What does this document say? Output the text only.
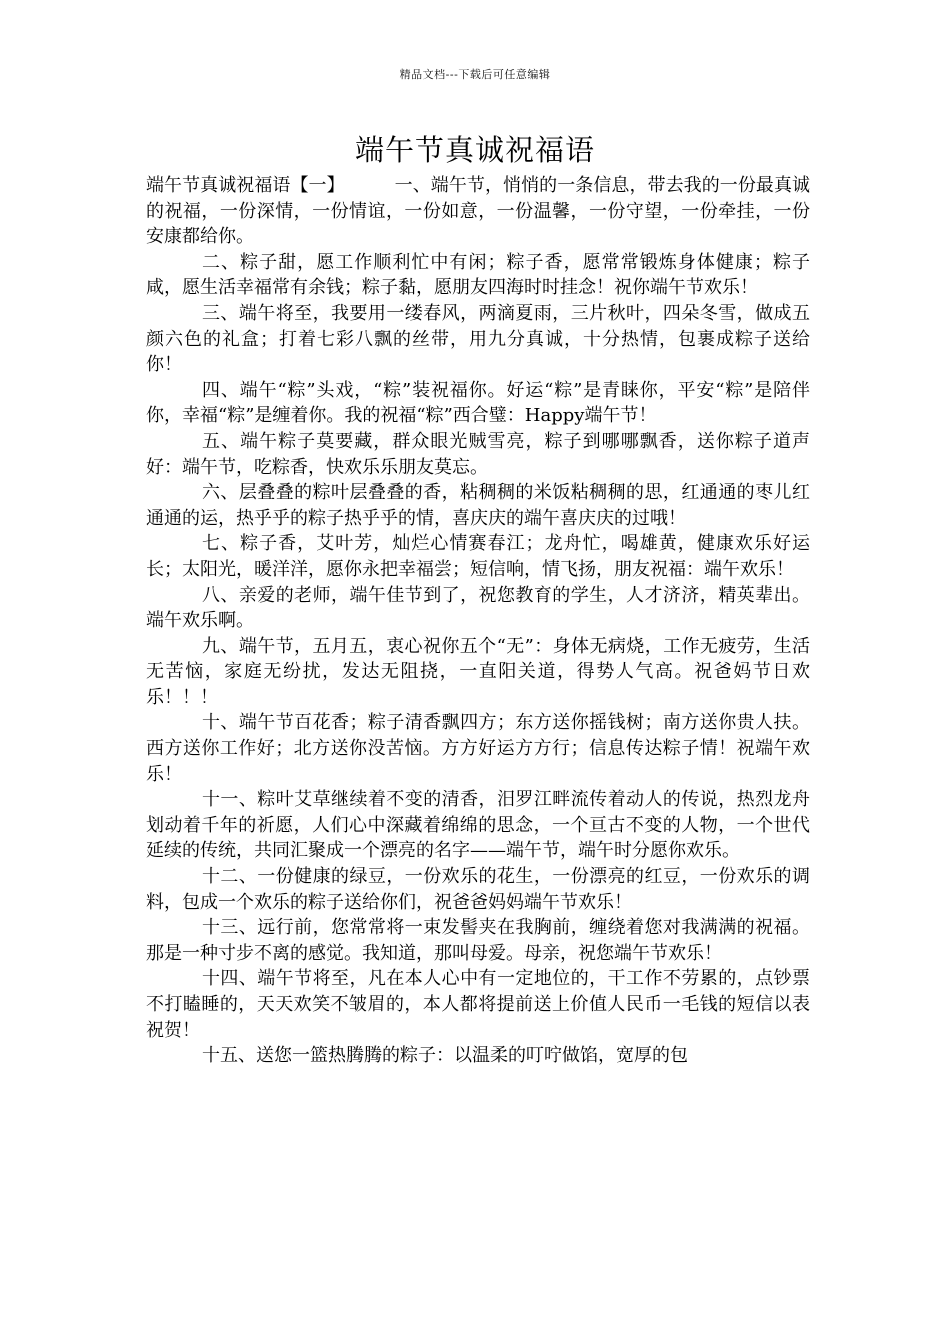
精品文档---下载后可任意编辑
端午节真诚祝福语

端午节真诚祝福语【一】	一、端午节，悄悄的一条信息，带去我的一份最真诚的祝福，一份深情，一份情谊，一份如意，一份温馨，一份守望，一份牵挂，一份安康都给你。

二、粽子甜，愿工作顺利忙中有闲；粽子香，愿常常锻炼身体健康；粽子咸，愿生活幸福常有余钱；粽子黏，愿朋友四海时时挂念！祝你端午节欢乐！

三、端午将至，我要用一缕春风，两滴夏雨，三片秋叶，四朵冬雪，做成五颜六色的礼盒；打着七彩八飘的丝带，用九分真诚，十分热情，包裹成粽子送给你！

四、端午“粽”头戏，“粽”装祝福你。好运“粽”是青睐你，平安“粽”是陪伴你，幸福“粽”是缠着你。我的祝福“粽”西合璧：Happy端午节！

五、端午粽子莫要藏，群众眼光贼雪亮，粽子到哪哪飘香，送你粽子道声好：端午节，吃粽香，快欢乐乐朋友莫忘。

六、层叠叠的粽叶层叠叠的香，粘稠稠的米饭粘稠稠的思，红通通的枣儿红通通的运，热乎乎的粽子热乎乎的情，喜庆庆的端午喜庆庆的过哦！

七、粽子香，艾叶芳，灿烂心情赛春江；龙舟忙，喝雄黄，健康欢乐好运长；太阳光，暖洋洋，愿你永把幸福尝；短信响，情飞扬，朋友祝福：端午欢乐！

八、亲爱的老师，端午佳节到了，祝您教育的学生，人才济济，精英辈出。端午欢乐啊。

九、端午节，五月五，衷心祝你五个“无”：身体无病烧，工作无疲劳，生活无苦恼，家庭无纷扰，发达无阻挠，一直阳关道，得势人气高。祝爸妈节日欢乐！！！

十、端午节百花香；粽子清香飘四方；东方送你摇钱树；南方送你贵人扶。西方送你工作好；北方送你没苦恼。方方好运方方行；信息传达粽子情！祝端午欢乐！

十一、粽叶艾草继续着不变的清香，汨罗江畔流传着动人的传说，热烈龙舟划动着千年的祈愿，人们心中深藏着绵绵的思念，一个亘古不变的人物，一个世代延续的传统，共同汇聚成一个漂亮的名字——端午节，端午时分愿你欢乐。

十二、一份健康的绿豆，一份欢乐的花生，一份漂亮的红豆，一份欢乐的调料，包成一个欢乐的粽子送给你们，祝爸爸妈妈端午节欢乐！

十三、远行前，您常常将一束发髻夹在我胸前，缠绕着您对我满满的祝福。那是一种寸步不离的感觉。我知道，那叫母爱。母亲，祝您端午节欢乐！

十四、端午节将至，凡在本人心中有一定地位的，干工作不劳累的，点钞票不打瞌睡的，天天欢笑不皱眉的，本人都将提前送上价值人民币一毛钱的短信以表祝贺！

十五、送您一篮热腾腾的粽子：以温柔的叮咛做馅，宽厚的包
